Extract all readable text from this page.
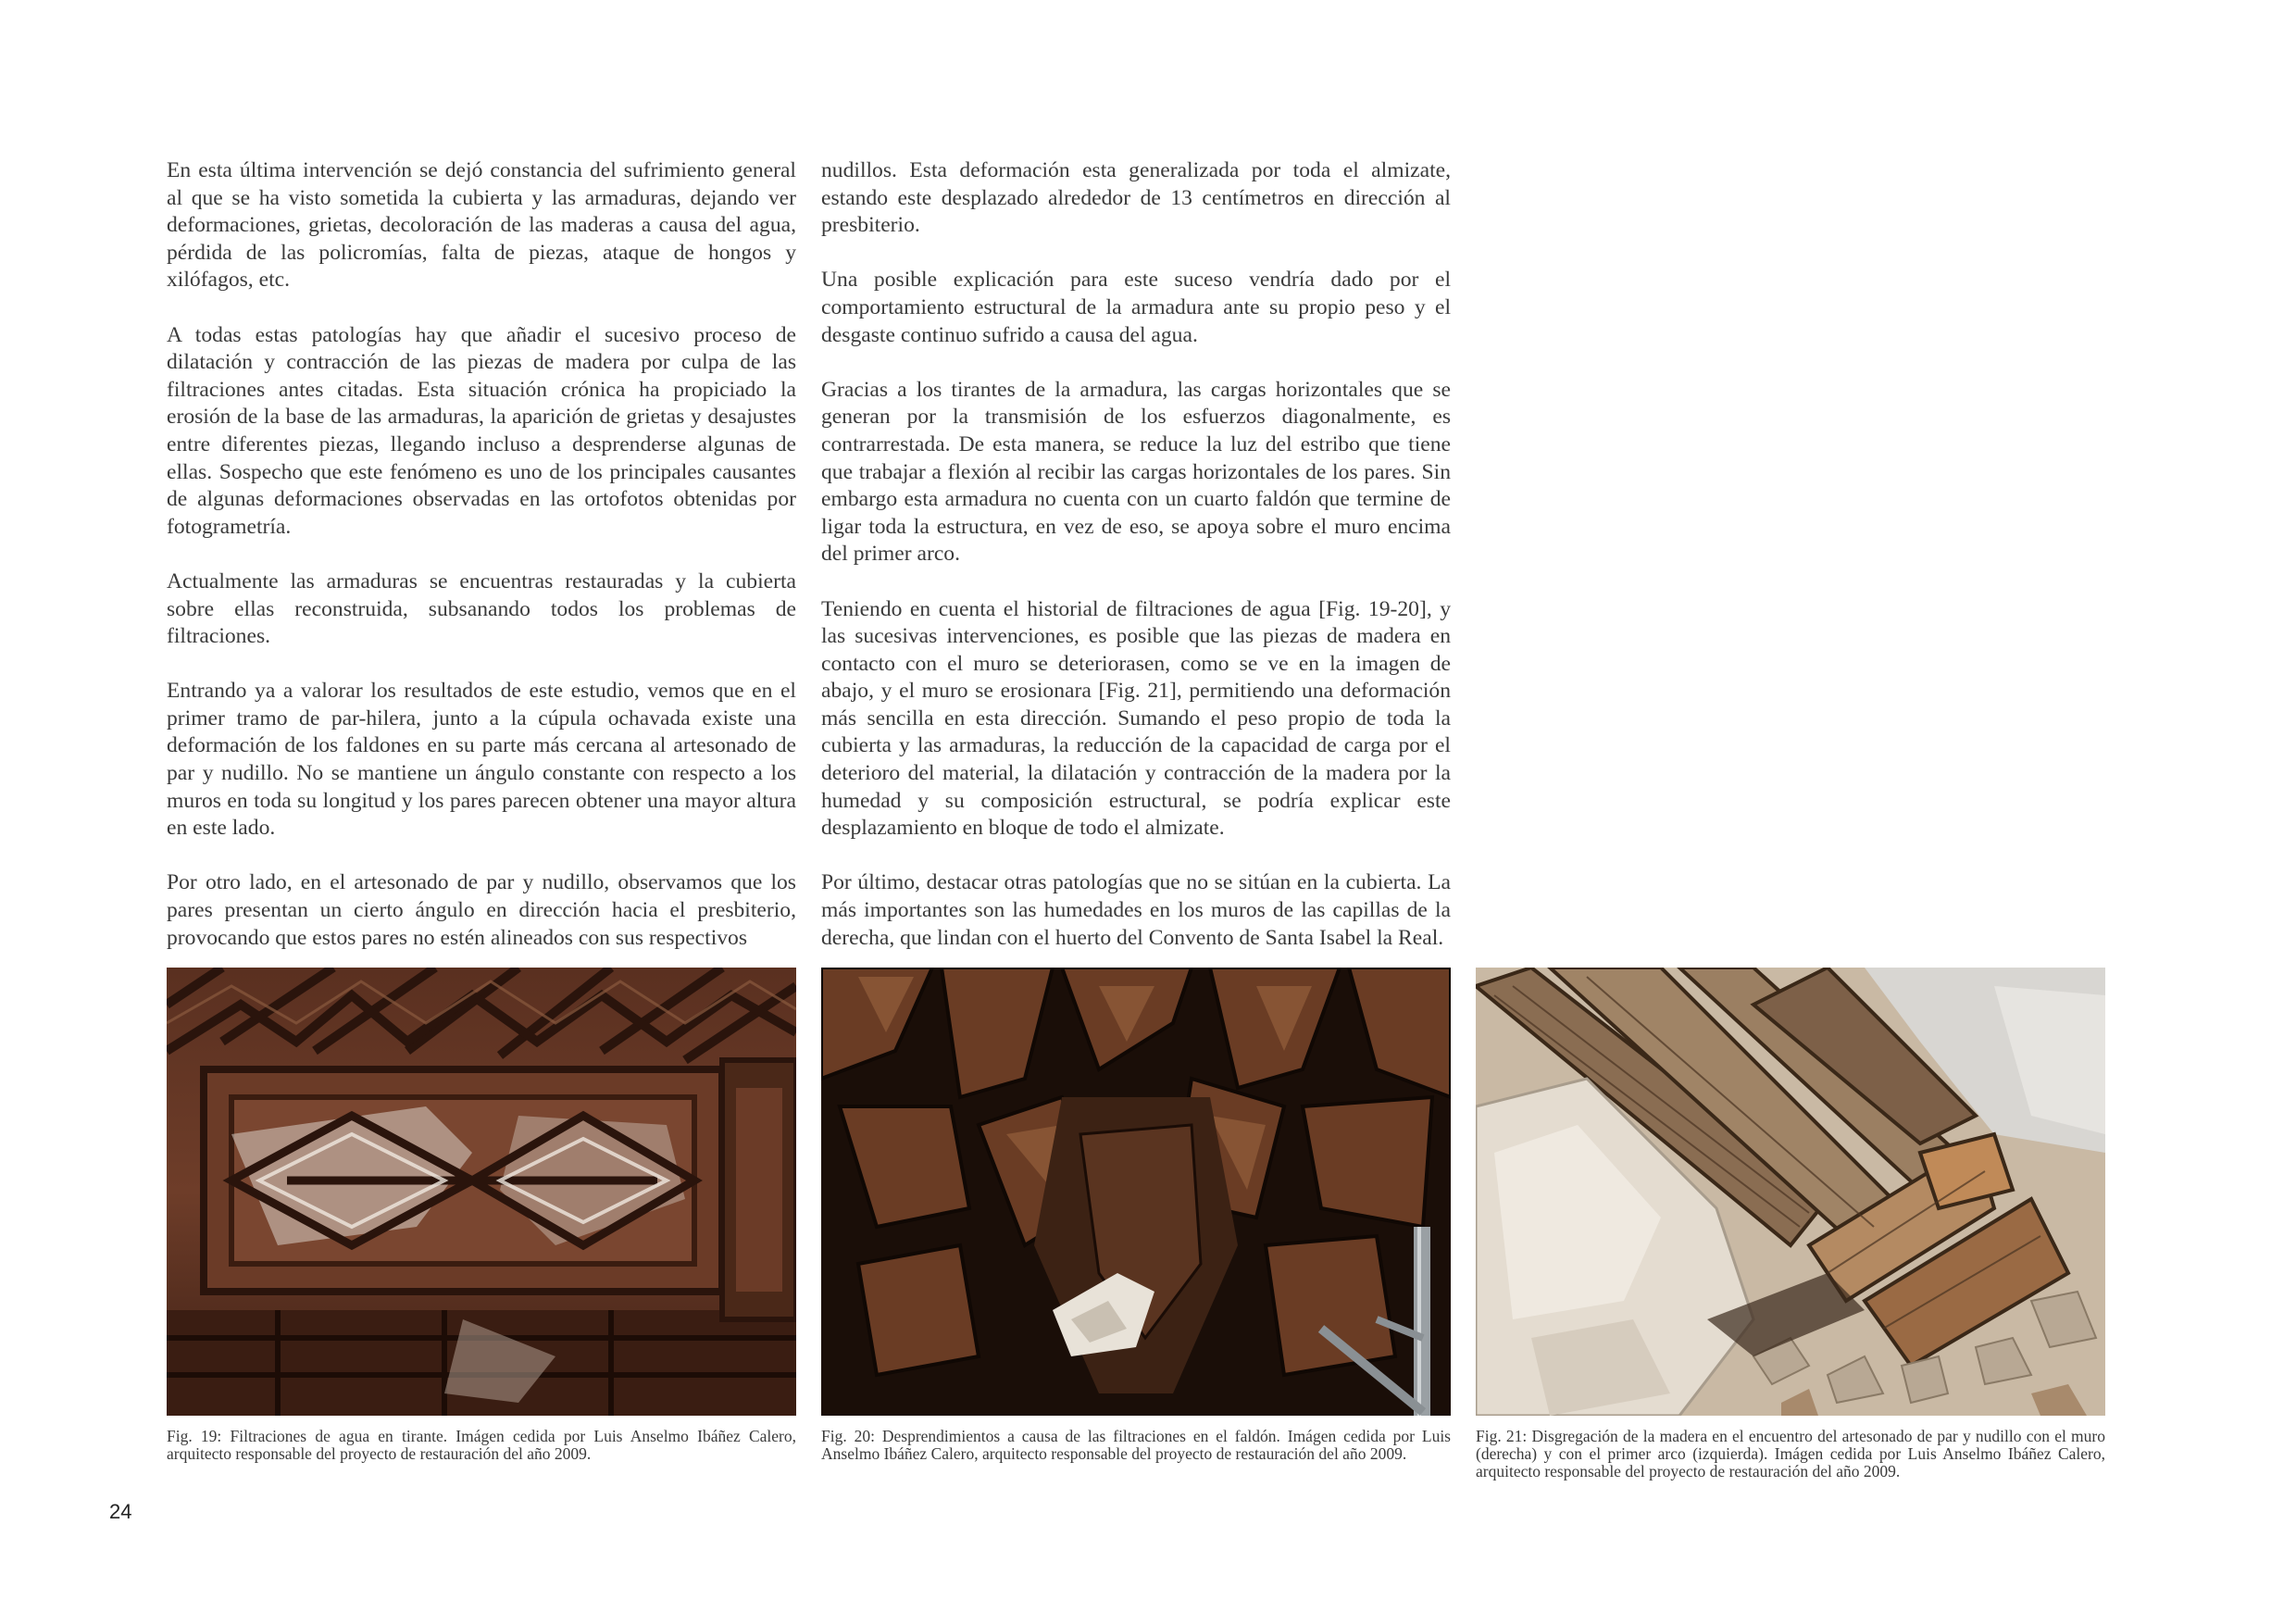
En esta última intervención se dejó constancia del sufrimiento general al que se ha visto sometida la cubierta y las armaduras, dejando ver deformaciones, grietas, decoloración de las maderas a causa del agua, pérdida de las policromías, falta de piezas, ataque de hongos y xilófagos, etc.

A todas estas patologías hay que añadir el sucesivo proceso de dilatación y contracción de las piezas de madera por culpa de las filtraciones antes citadas. Esta situación crónica ha propiciado la erosión de la base de las armaduras, la aparición de grietas y desajustes entre diferentes piezas, llegando incluso a desprenderse algunas de ellas. Sospecho que este fenómeno es uno de los principales causantes de algunas deformaciones observadas en las ortofotos obtenidas por fotogrametría.

Actualmente las armaduras se encuentras restauradas y la cubierta sobre ellas reconstruida, subsanando todos los problemas de filtraciones.

Entrando ya a valorar los resultados de este estudio, vemos que en el primer tramo de par-hilera, junto a la cúpula ochavada existe una deformación de los faldones en su parte más cercana al artesonado de par y nudillo. No se mantiene un ángulo constante con respecto a los muros en toda su longitud y los pares parecen obtener una mayor altura en este lado.

Por otro lado, en el artesonado de par y nudillo, observamos que los pares presentan un cierto ángulo en dirección hacia el presbiterio, provocando que estos pares no estén alineados con sus respectivos

nudillos. Esta deformación esta generalizada por toda el almizate, estando este desplazado alrededor de 13 centímetros en dirección al presbiterio.

Una posible explicación para este suceso vendría dado por el comportamiento estructural de la armadura ante su propio peso y el desgaste continuo sufrido a causa del agua.

Gracias a los tirantes de la armadura, las cargas horizontales que se generan por la transmisión de los esfuerzos diagonalmente, es contrarrestada. De esta manera, se reduce la luz del estribo que tiene que trabajar a flexión al recibir las cargas horizontales de los pares. Sin embargo esta armadura no cuenta con un cuarto faldón que termine de ligar toda la estructura, en vez de eso, se apoya sobre el muro encima del primer arco.

Teniendo en cuenta el historial de filtraciones de agua [Fig. 19-20], y las sucesivas intervenciones, es posible que las piezas de madera en contacto con el muro se deteriorasen, como se ve en la imagen de abajo, y el muro se erosionara [Fig. 21], permitiendo una deformación más sencilla en esta dirección. Sumando el peso propio de toda la cubierta y las armaduras, la reducción de la capacidad de carga por el deterioro del material, la dilatación y contracción de la madera por la humedad y su composición estructural, se podría explicar este desplazamiento en bloque de todo el almizate.

Por último, destacar otras patologías que no se sitúan en la cubierta. La más importantes son las humedades en los muros de las capillas de la derecha, que lindan con el huerto del Convento de Santa Isabel la Real.

Fig. 19: Filtraciones de agua en tirante. Imágen cedida por Luis Anselmo Ibáñez Calero, arquitecto responsable del proyecto de restauración del año 2009.
Fig. 20: Desprendimientos a causa de las filtraciones en el faldón. Imágen cedida por Luis Anselmo Ibáñez Calero, arquitecto responsable del proyecto de restauración del año 2009.
Fig. 21: Disgregación de la madera en el encuentro del artesonado de par y nudillo con el muro (derecha) y con el primer arco (izquierda). Imágen cedida por Luis Anselmo Ibáñez Calero, arquitecto responsable del proyecto de restauración del año 2009.
24
